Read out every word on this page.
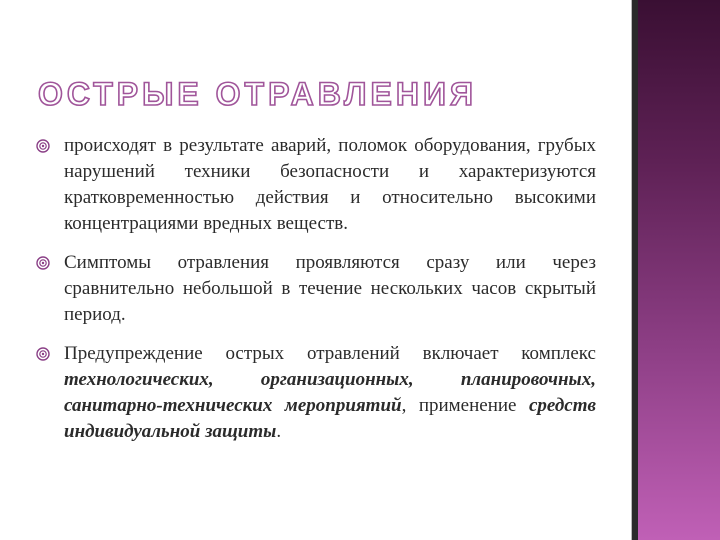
ОСТРЫЕ ОТРАВЛЕНИЯ

происходят в результате аварий, поломок оборудования, грубых нарушений техники безопасности и характеризуются кратковременностью действия и относительно высокими концентрациями вредных веществ.

Симптомы отравления проявляются сразу или через сравнительно небольшой в течение нескольких часов скрытый период.

Предупреждение острых отравлений включает комплекс технологических, организационных, планировочных, санитарно-технических мероприятий, применение средств индивидуальной защиты.
